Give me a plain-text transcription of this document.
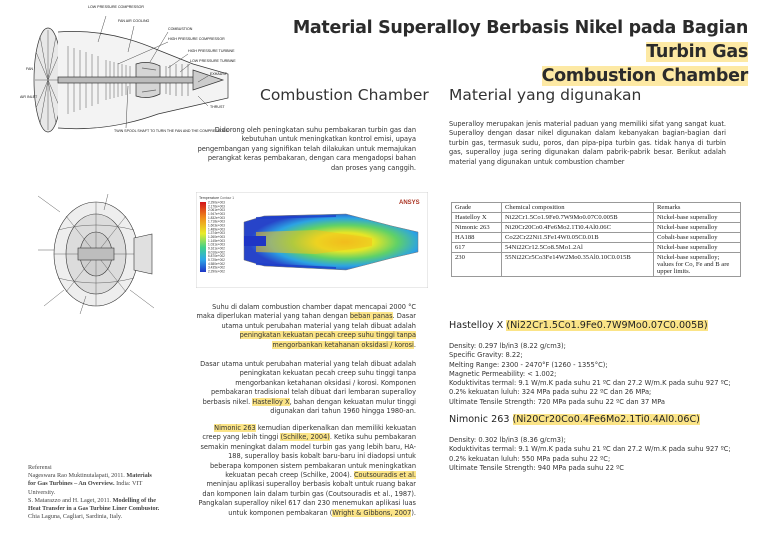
Material Superalloy Berbasis Nikel pada Bagian Turbin Gas
Combustion Chamber
LOW PRESSURE COMPRESSOR
FAN AIR COOLING
COMBUSTION
HIGH PRESSURE COMPRESSOR
HIGH PRESSURE TURBINE
LOW PRESSURE TURBINE
EXHAUST
FAN
AIR INLET
THRUST
TWIN SPOOL SHAFT TO TURN THE FAN AND THE COMPRESSORS
Combustion Chamber Material yang digunakan
Didorong oleh peningkatan suhu pembakaran turbin gas dan kebutuhan untuk meningkatkan kontrol emisi, upaya pengembangan yang signifikan telah dilakukan untuk memajukan perangkat keras pembakaran, dengan cara mengadopsi bahan dan proses yang canggih.
Superalloy merupakan jenis material paduan yang memiliki sifat yang sangat kuat. Superalloy dengan dasar nikel digunakan dalam kebanyakan bagian-bagian dari turbin gas, termasuk sudu, poros, dan pipa-pipa turbin gas. tidak hanya di turbin gas, superalloy juga sering digunakan dalam pabrik-pabrik besar. Berikut adalah material yang digunakan untuk combustion chamber
Temperature Contour 1
2.290e+003
2.176e+003
2.061e+003
1.947e+003
1.832e+003
1.718e+003
1.603e+003
1.489e+003
1.374e+003
1.260e+003
1.145e+003
1.031e+003
9.161e+002
8.016e+002
6.870e+002
5.725e+002
4.580e+002
3.435e+002
2.290e+002
ANSYS
Suhu di dalam combustion chamber dapat mencapai 2000 °C maka diperlukan material yang tahan dengan beban panas. Dasar utama untuk perubahan material yang telah dibuat adalah peningkatan kekuatan pecah creep suhu tinggi tanpa mengorbankan ketahanan oksidasi / korosi.
Dasar utama untuk perubahan material yang telah dibuat adalah peningkatan kekuatan pecah creep suhu tinggi tanpa mengorbankan ketahanan oksidasi / korosi. Komponen pembakaran tradisional telah dibuat dari lembaran superalloy berbasis nikel. Hastelloy X, bahan dengan kekuatan mulur tinggi digunakan dari tahun 1960 hingga 1980-an.
Nimonic 263 kemudian diperkenalkan dan memiliki kekuatan creep yang lebih tinggi (Schilke, 2004). Ketika suhu pembakaran semakin meningkat dalam model turbin gas yang lebih baru, HA-188, superalloy basis kobalt baru-baru ini diadopsi untuk beberapa komponen sistem pembakaran untuk meningkatkan kekuatan pecah creep (Schilke, 2004). Coutsouradis et al. meninjau aplikasi superalloy berbasis kobalt untuk ruang bakar dan komponen lain dalam turbin gas (Coutsouradis et al., 1987). Pangkalan superalloy nikel 617 dan 230 menemukan aplikasi luas untuk komponen pembakaran (Wright & Gibbons, 2007).
Referensi
Nageswara Rao Muktinutalapati, 2011. Materials for Gas Turbines – An Overview. India: VIT University.
S. Matarazzo and H. Laget, 2011. Modelling of the Heat Transfer in a Gas Turbine Liner Combustor. Chia Laguna, Cagliari, Sardinia, Italy.
Grade	Chemical composition	Remarks
Hastelloy X	Ni22Cr1.5Co1.9Fe0.7W9Mo0.07C0.005B	Nickel-base superalloy
Nimonic 263	Ni20Cr20Co0.4Fe6Mo2.1Ti0.4Al0.06C	Nickel-base superalloy
HA188	Co22Cr22Ni1.5Fe14W0.05C0.01B	Cobalt-base superalloy
617	54Ni22Cr12.5Co8.5Mo1.2Al	Nickel-base superalloy
230	55Ni22Cr5Co3Fe14W2Mo0.35Al0.10C0.015B	Nickel-base superalloy; values for Co, Fe and B are upper limits.
Hastelloy X (Ni22Cr1.5Co1.9Fe0.7W9Mo0.07C0.005B)
Density: 0.297 lb/in3 (8.22 g/cm3);
Specific Gravity: 8.22;
Melting Range: 2300 - 2470°F (1260 - 1355°C);
Magnetic Permeability: < 1.002;
Koduktivitas termal: 9.1 W/m.K pada suhu 21 ºC dan 27.2 W/m.K pada suhu 927 ºC;
0.2% kekuatan luluh: 324 MPa pada suhu 22 ºC dan 26 MPa;
Ultimate Tensile Strength: 720 MPa pada suhu 22 ºC dan 37 MPa
Nimonic 263 (Ni20Cr20Co0.4Fe6Mo2.1Ti0.4Al0.06C)
Density: 0.302 lb/in3 (8.36 g/cm3);
Koduktivitas termal: 9.1 W/m.K pada suhu 21 ºC dan 27.2 W/m.K pada suhu 927 ºC;
0.2% kekuatan luluh: 550 MPa pada suhu 22 ºC;
Ultimate Tensile Strength: 940 MPa pada suhu 22 ºC
